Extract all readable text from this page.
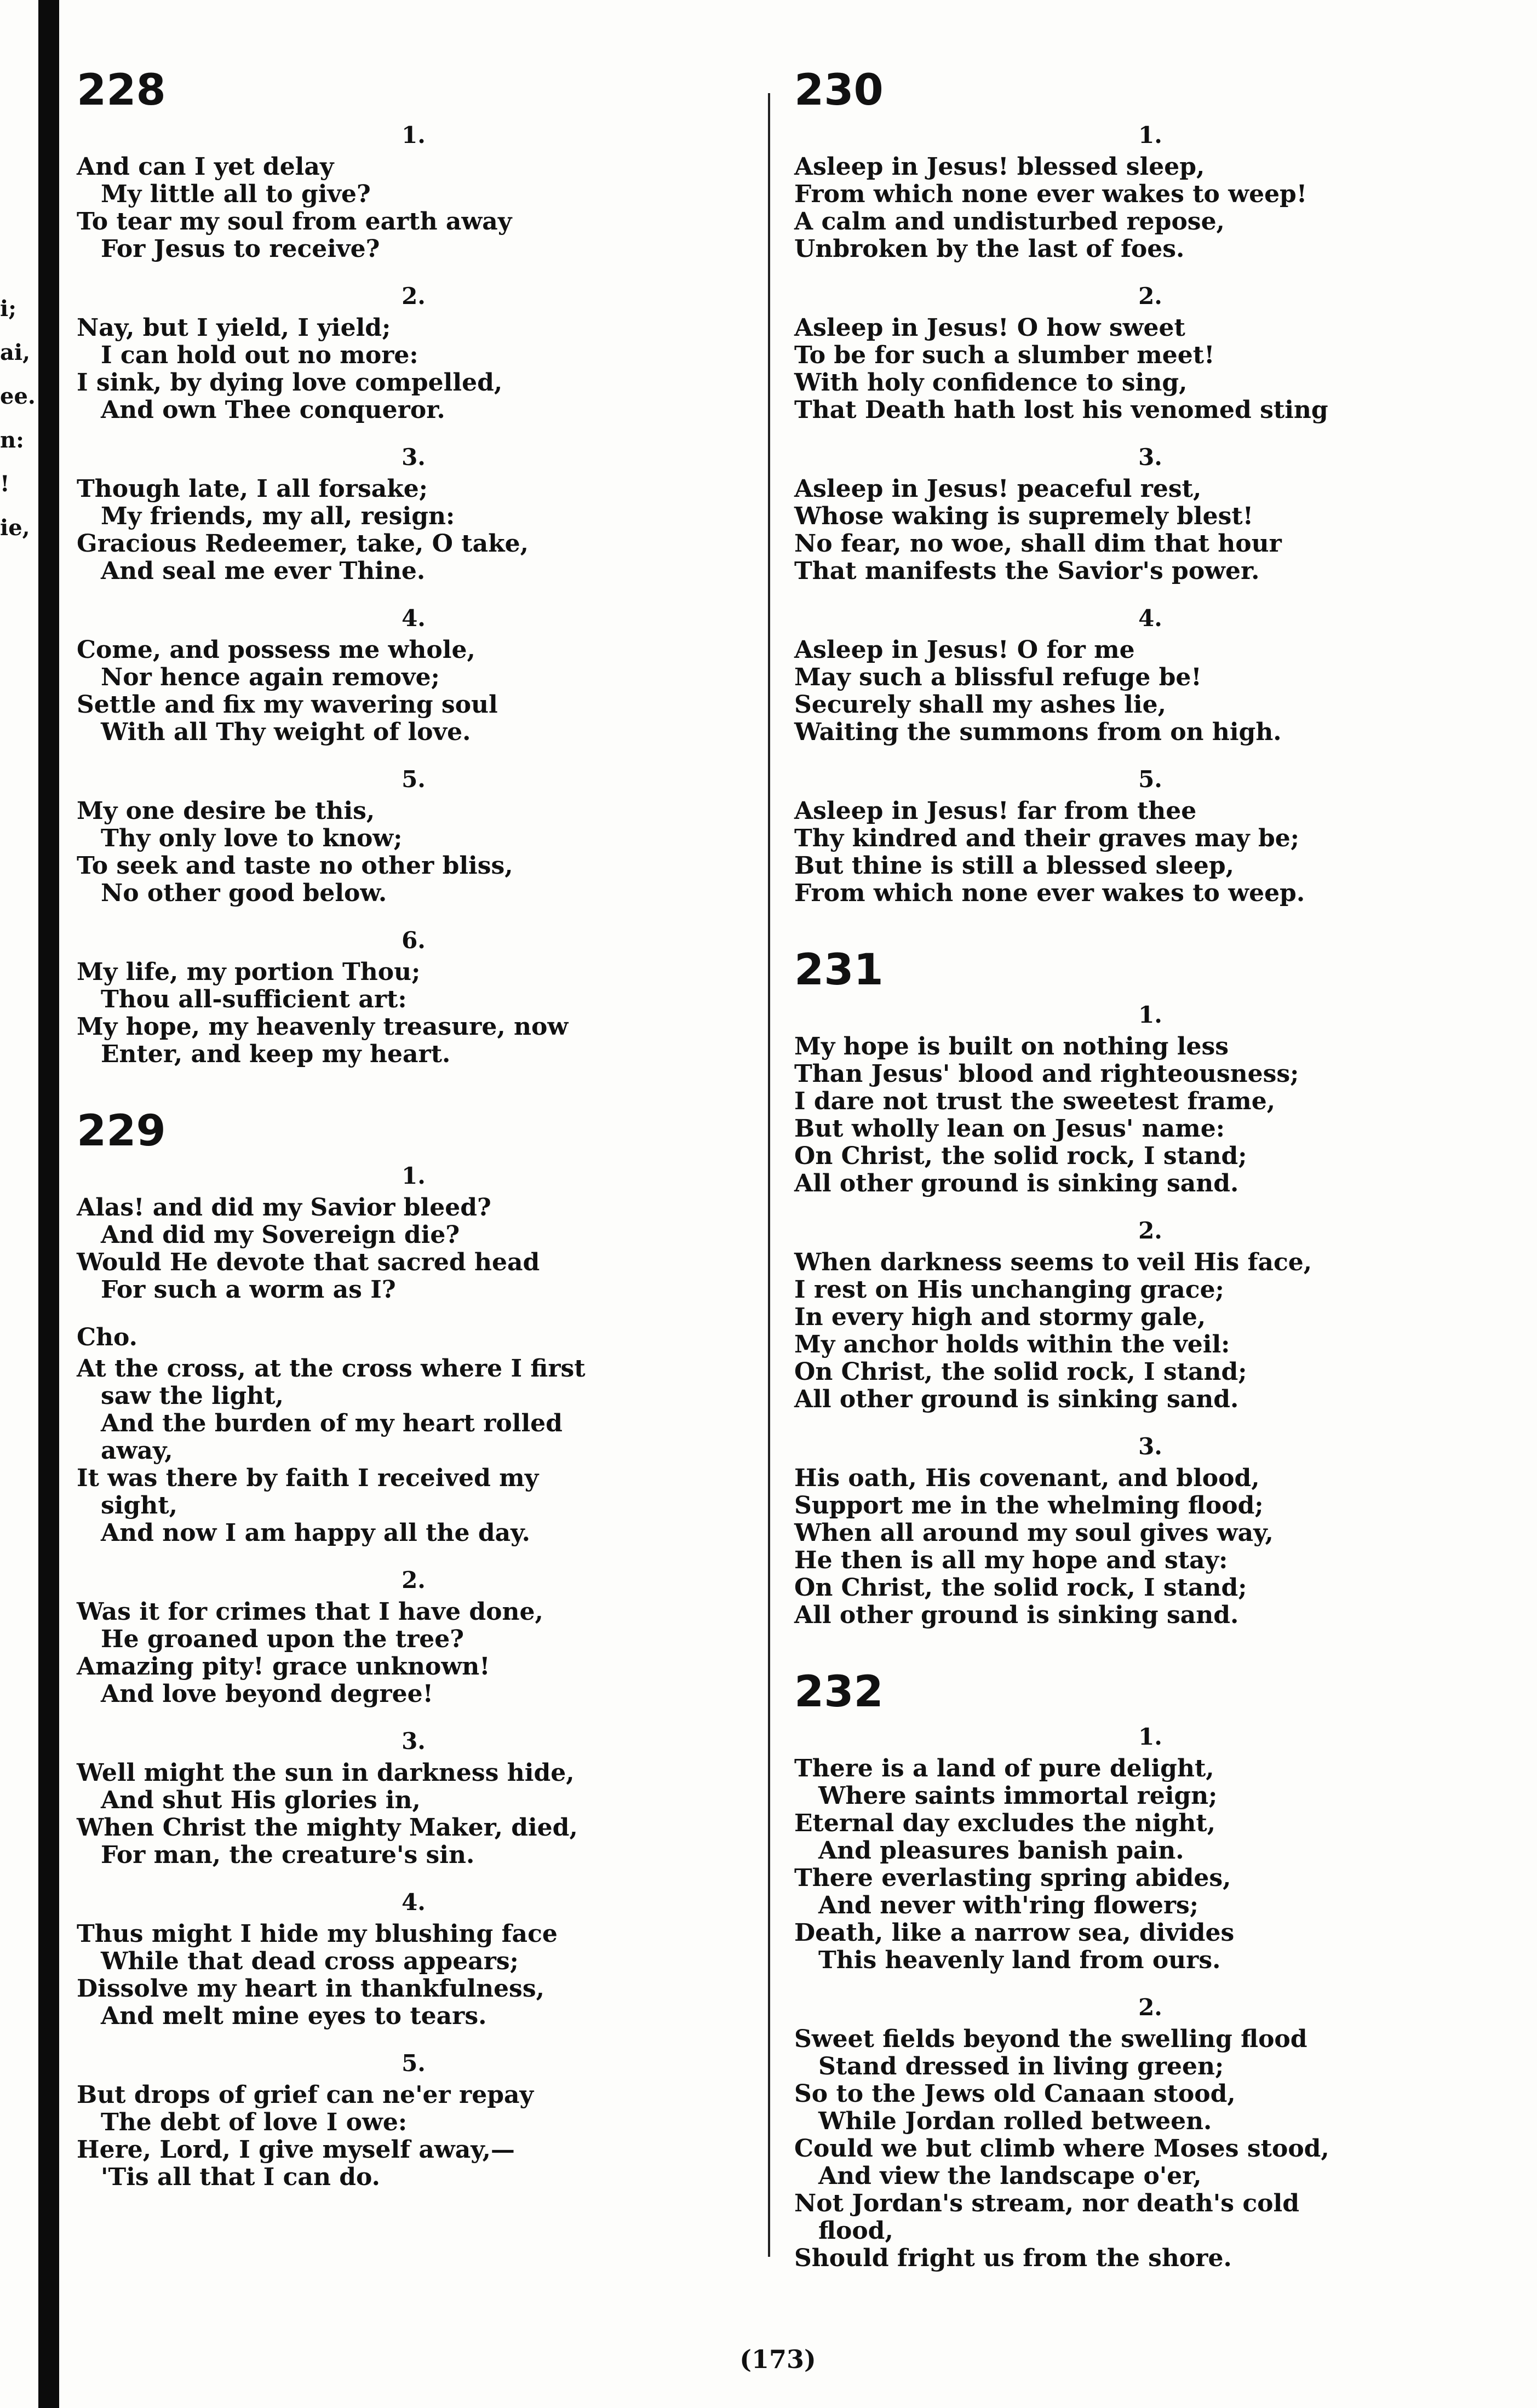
i;
ai,
ee.
n:
!
ie,
228
1.
And can I yet delay
My little all to give?
To tear my soul from earth away
For Jesus to receive?
2.
Nay, but I yield, I yield;
I can hold out no more:
I sink, by dying love compelled,
And own Thee conqueror.
3.
Though late, I all forsake;
My friends, my all, resign:
Gracious Redeemer, take, O take,
And seal me ever Thine.
4.
Come, and possess me whole,
Nor hence again remove;
Settle and fix my wavering soul
With all Thy weight of love.
5.
My one desire be this,
Thy only love to know;
To seek and taste no other bliss,
No other good below.
6.
My life, my portion Thou;
Thou all-sufficient art:
My hope, my heavenly treasure, now
Enter, and keep my heart.
229
1.
Alas! and did my Savior bleed?
And did my Sovereign die?
Would He devote that sacred head
For such a worm as I?
Cho.
At the cross, at the cross where I first
saw the light,
And the burden of my heart rolled
away,
It was there by faith I received my
sight,
And now I am happy all the day.
2.
Was it for crimes that I have done,
He groaned upon the tree?
Amazing pity! grace unknown!
And love beyond degree!
3.
Well might the sun in darkness hide,
And shut His glories in,
When Christ the mighty Maker, died,
For man, the creature's sin.
4.
Thus might I hide my blushing face
While that dead cross appears;
Dissolve my heart in thankfulness,
And melt mine eyes to tears.
5.
But drops of grief can ne'er repay
The debt of love I owe:
Here, Lord, I give myself away,—
'Tis all that I can do.
230
1.
Asleep in Jesus! blessed sleep,
From which none ever wakes to weep!
A calm and undisturbed repose,
Unbroken by the last of foes.
2.
Asleep in Jesus! O how sweet
To be for such a slumber meet!
With holy confidence to sing,
That Death hath lost his venomed sting
3.
Asleep in Jesus! peaceful rest,
Whose waking is supremely blest!
No fear, no woe, shall dim that hour
That manifests the Savior's power.
4.
Asleep in Jesus! O for me
May such a blissful refuge be!
Securely shall my ashes lie,
Waiting the summons from on high.
5.
Asleep in Jesus! far from thee
Thy kindred and their graves may be;
But thine is still a blessed sleep,
From which none ever wakes to weep.
231
1.
My hope is built on nothing less
Than Jesus' blood and righteousness;
I dare not trust the sweetest frame,
But wholly lean on Jesus' name:
On Christ, the solid rock, I stand;
All other ground is sinking sand.
2.
When darkness seems to veil His face,
I rest on His unchanging grace;
In every high and stormy gale,
My anchor holds within the veil:
On Christ, the solid rock, I stand;
All other ground is sinking sand.
3.
His oath, His covenant, and blood,
Support me in the whelming flood;
When all around my soul gives way,
He then is all my hope and stay:
On Christ, the solid rock, I stand;
All other ground is sinking sand.
232
1.
There is a land of pure delight,
Where saints immortal reign;
Eternal day excludes the night,
And pleasures banish pain.
There everlasting spring abides,
And never with'ring flowers;
Death, like a narrow sea, divides
This heavenly land from ours.
2.
Sweet fields beyond the swelling flood
Stand dressed in living green;
So to the Jews old Canaan stood,
While Jordan rolled between.
Could we but climb where Moses stood,
And view the landscape o'er,
Not Jordan's stream, nor death's cold
flood,
Should fright us from the shore.
(173)
